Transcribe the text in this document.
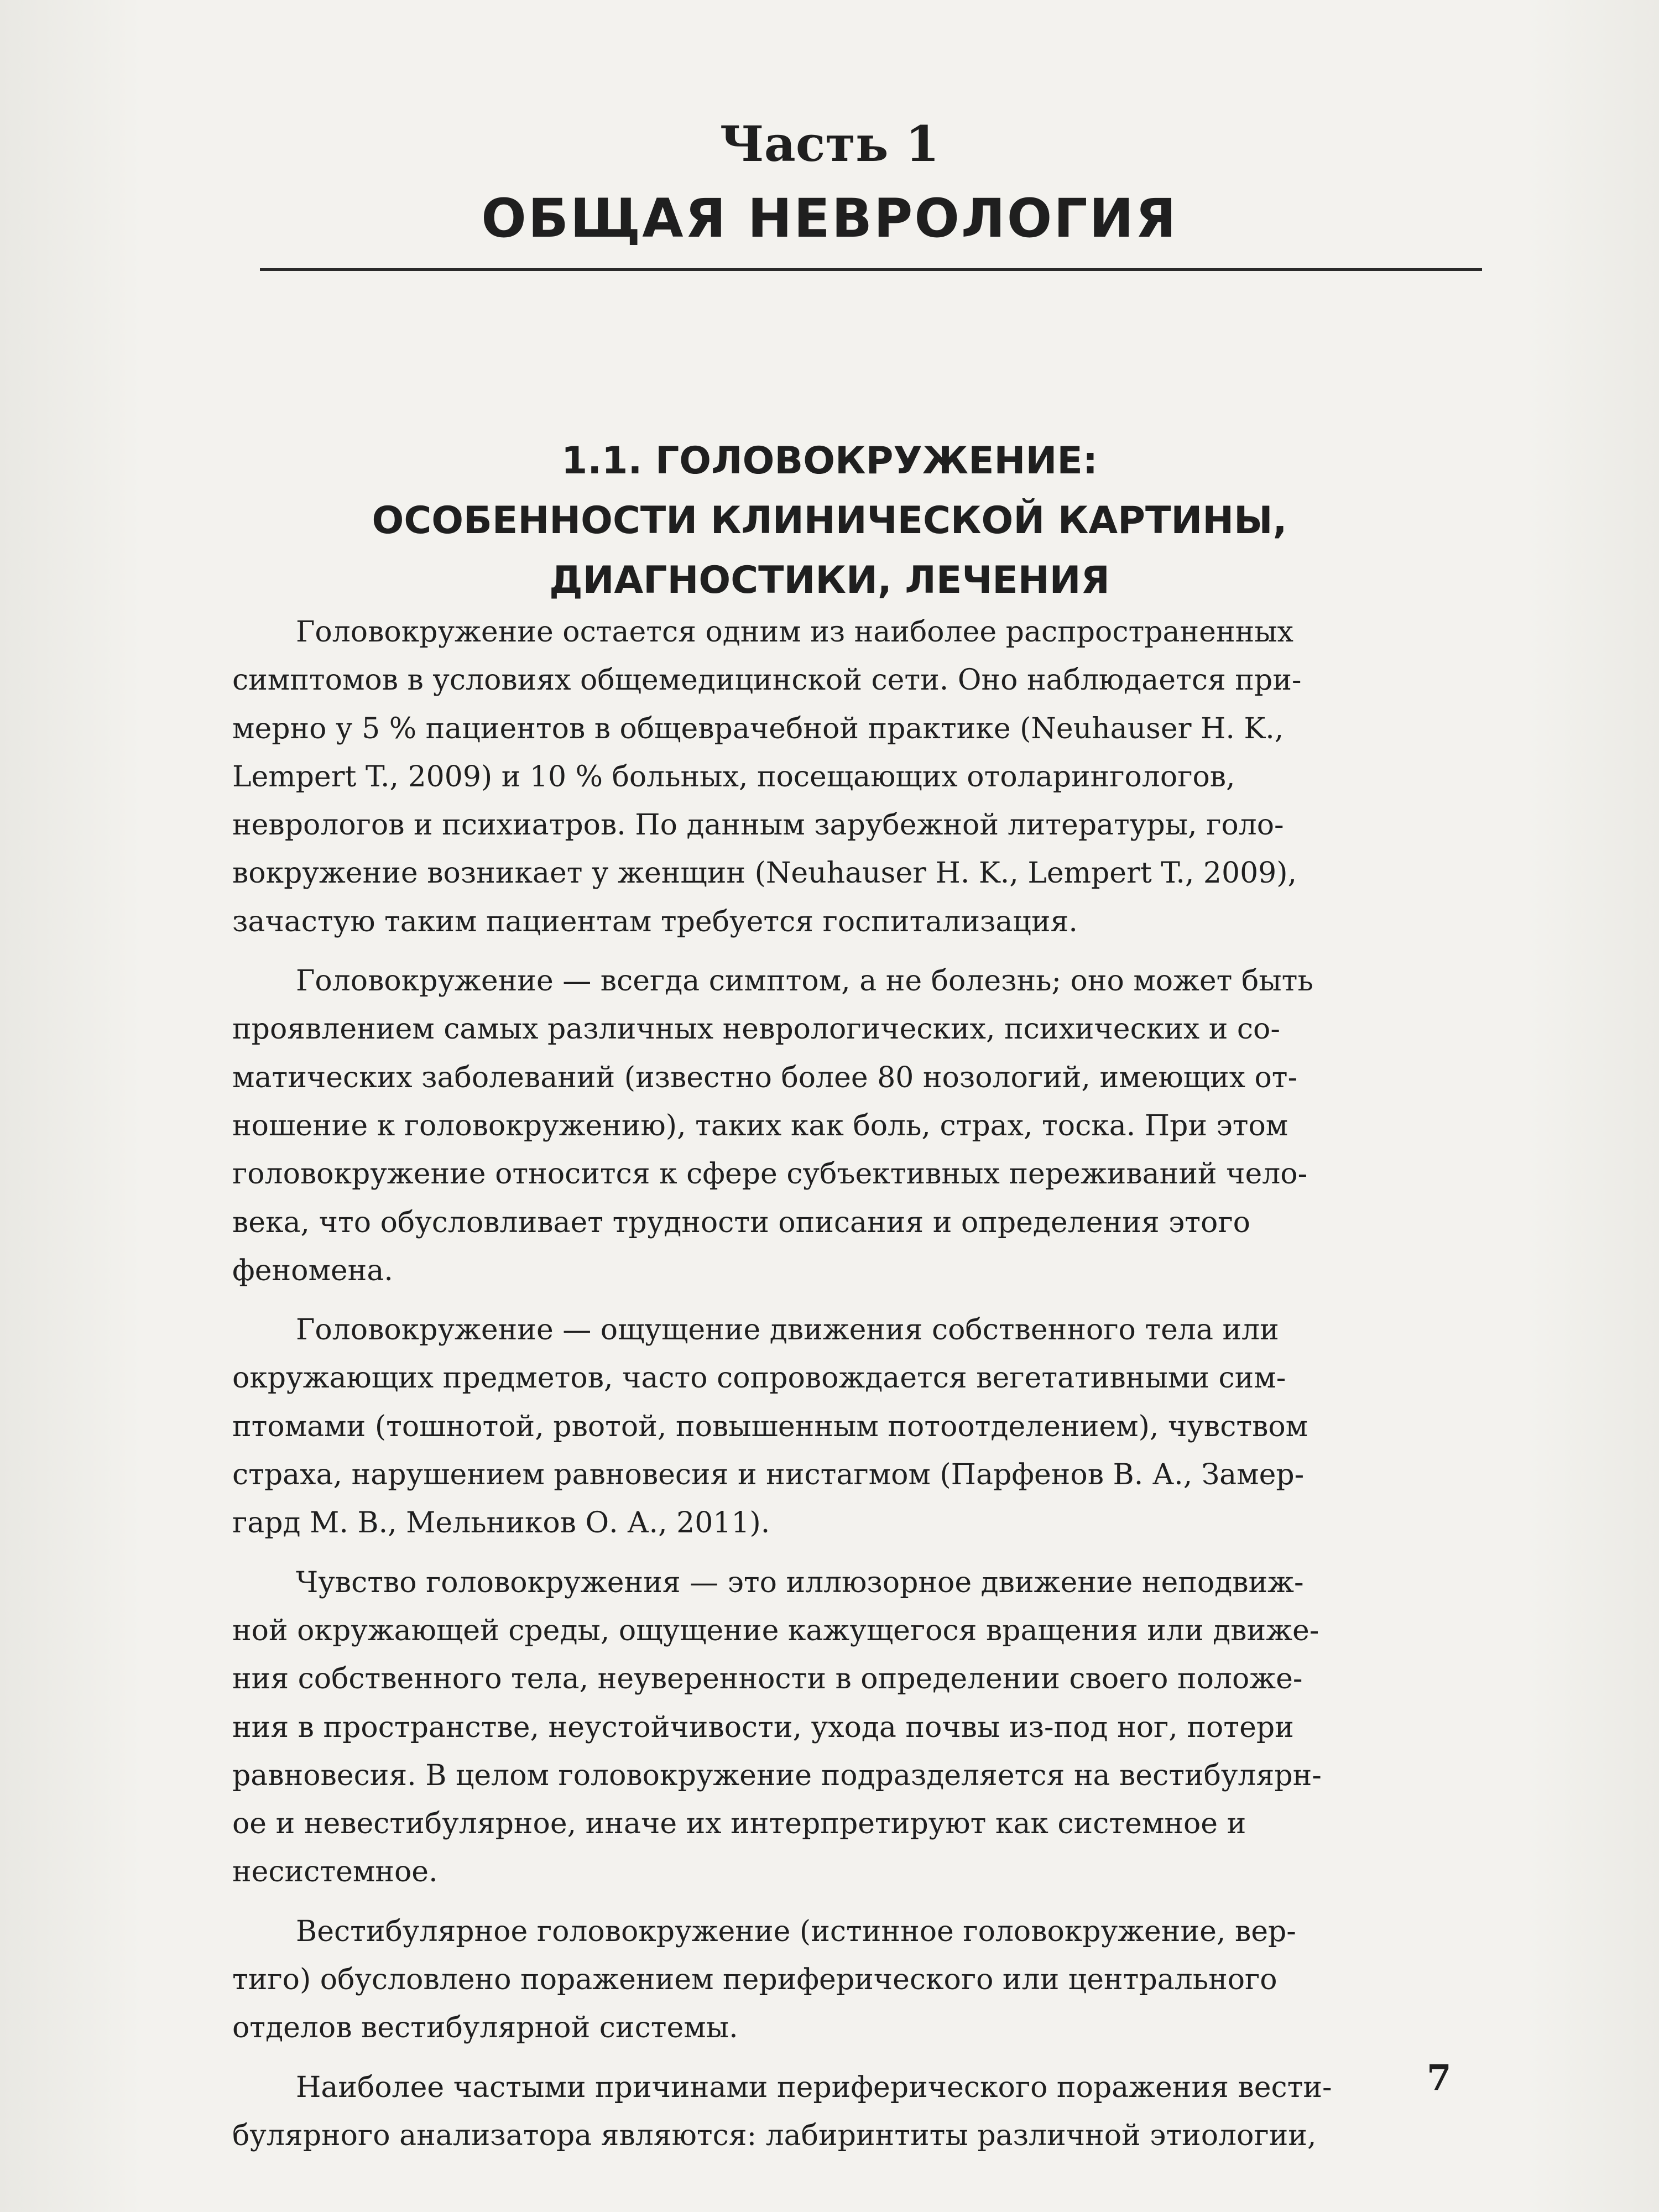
Часть 1
ОБЩАЯ НЕВРОЛОГИЯ
1.1. ГОЛОВОКРУЖЕНИЕ:
ОСОБЕННОСТИ КЛИНИЧЕСКОЙ КАРТИНЫ,
ДИАГНОСТИКИ, ЛЕЧЕНИЯ
Головокружение остается одним из наиболее распространенных
симптомов в условиях общемедицинской сети. Оно наблюдается при-
мерно у 5 % пациентов в общеврачебной практике (Neuhauser H. K.,
Lempert T., 2009) и 10 % больных, посещающих отоларингологов,
неврологов и психиатров. По данным зарубежной литературы, голо-
вокружение возникает у женщин (Neuhauser H. K., Lempert T., 2009),
зачастую таким пациентам требуется госпитализация.
Головокружение — всегда симптом, а не болезнь; оно может быть
проявлением самых различных неврологических, психических и со-
матических заболеваний (известно более 80 нозологий, имеющих от-
ношение к головокружению), таких как боль, страх, тоска. При этом
головокружение относится к сфере субъективных переживаний чело-
века, что обусловливает трудности описания и определения этого
феномена.
Головокружение — ощущение движения собственного тела или
окружающих предметов, часто сопровождается вегетативными сим-
птомами (тошнотой, рвотой, повышенным потоотделением), чувством
страха, нарушением равновесия и нистагмом (Парфенов В. А., Замер-
гард М. В., Мельников О. А., 2011).
Чувство головокружения — это иллюзорное движение неподвиж-
ной окружающей среды, ощущение кажущегося вращения или движе-
ния собственного тела, неуверенности в определении своего положе-
ния в пространстве, неустойчивости, ухода почвы из-под ног, потери
равновесия. В целом головокружение подразделяется на вестибулярн-
ое и невестибулярное, иначе их интерпретируют как системное и
несистемное.
Вестибулярное головокружение (истинное головокружение, вер-
тиго) обусловлено поражением периферического или центрального
отделов вестибулярной системы.
Наиболее частыми причинами периферического поражения вести-
булярного анализатора являются: лабиринтиты различной этиологии,
7
